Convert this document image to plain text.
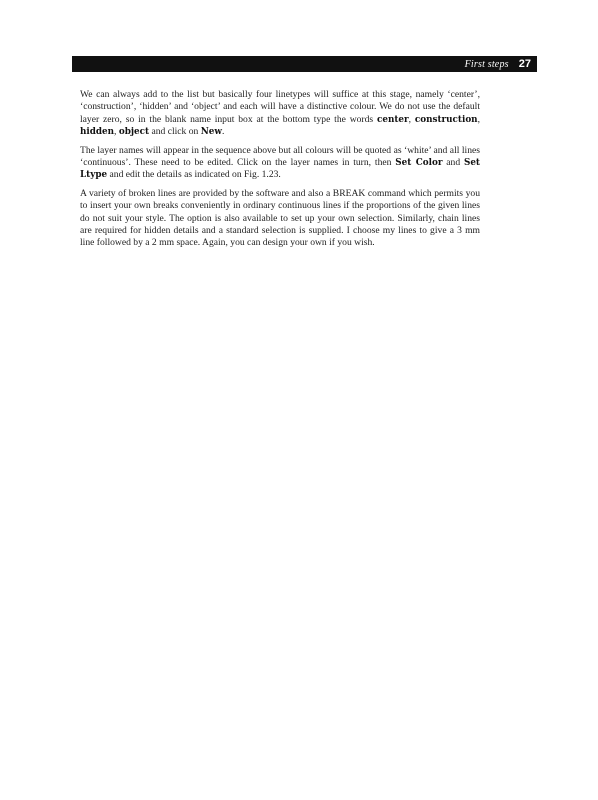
First steps 27

We can always add to the list but basically four linetypes will suffice at this stage, namely ‘center’, ‘construction’, ‘hidden’ and ‘object’ and each will have a distinctive colour. We do not use the default layer zero, so in the blank name input box at the bottom type the words center, construction, hidden, object and click on New.

The layer names will appear in the sequence above but all colours will be quoted as ‘white’ and all lines ‘continuous’. These need to be edited. Click on the layer names in turn, then Set Color and Set Ltype and edit the details as indicated on Fig. 1.23.

A variety of broken lines are provided by the software and also a BREAK command which permits you to insert your own breaks conveniently in ordinary continuous lines if the proportions of the given lines do not suit your style. The option is also available to set up your own selection. Similarly, chain lines are required for hidden details and a standard selection is supplied. I choose my lines to give a 3 mm line followed by a 2 mm space. Again, you can design your own if you wish.
